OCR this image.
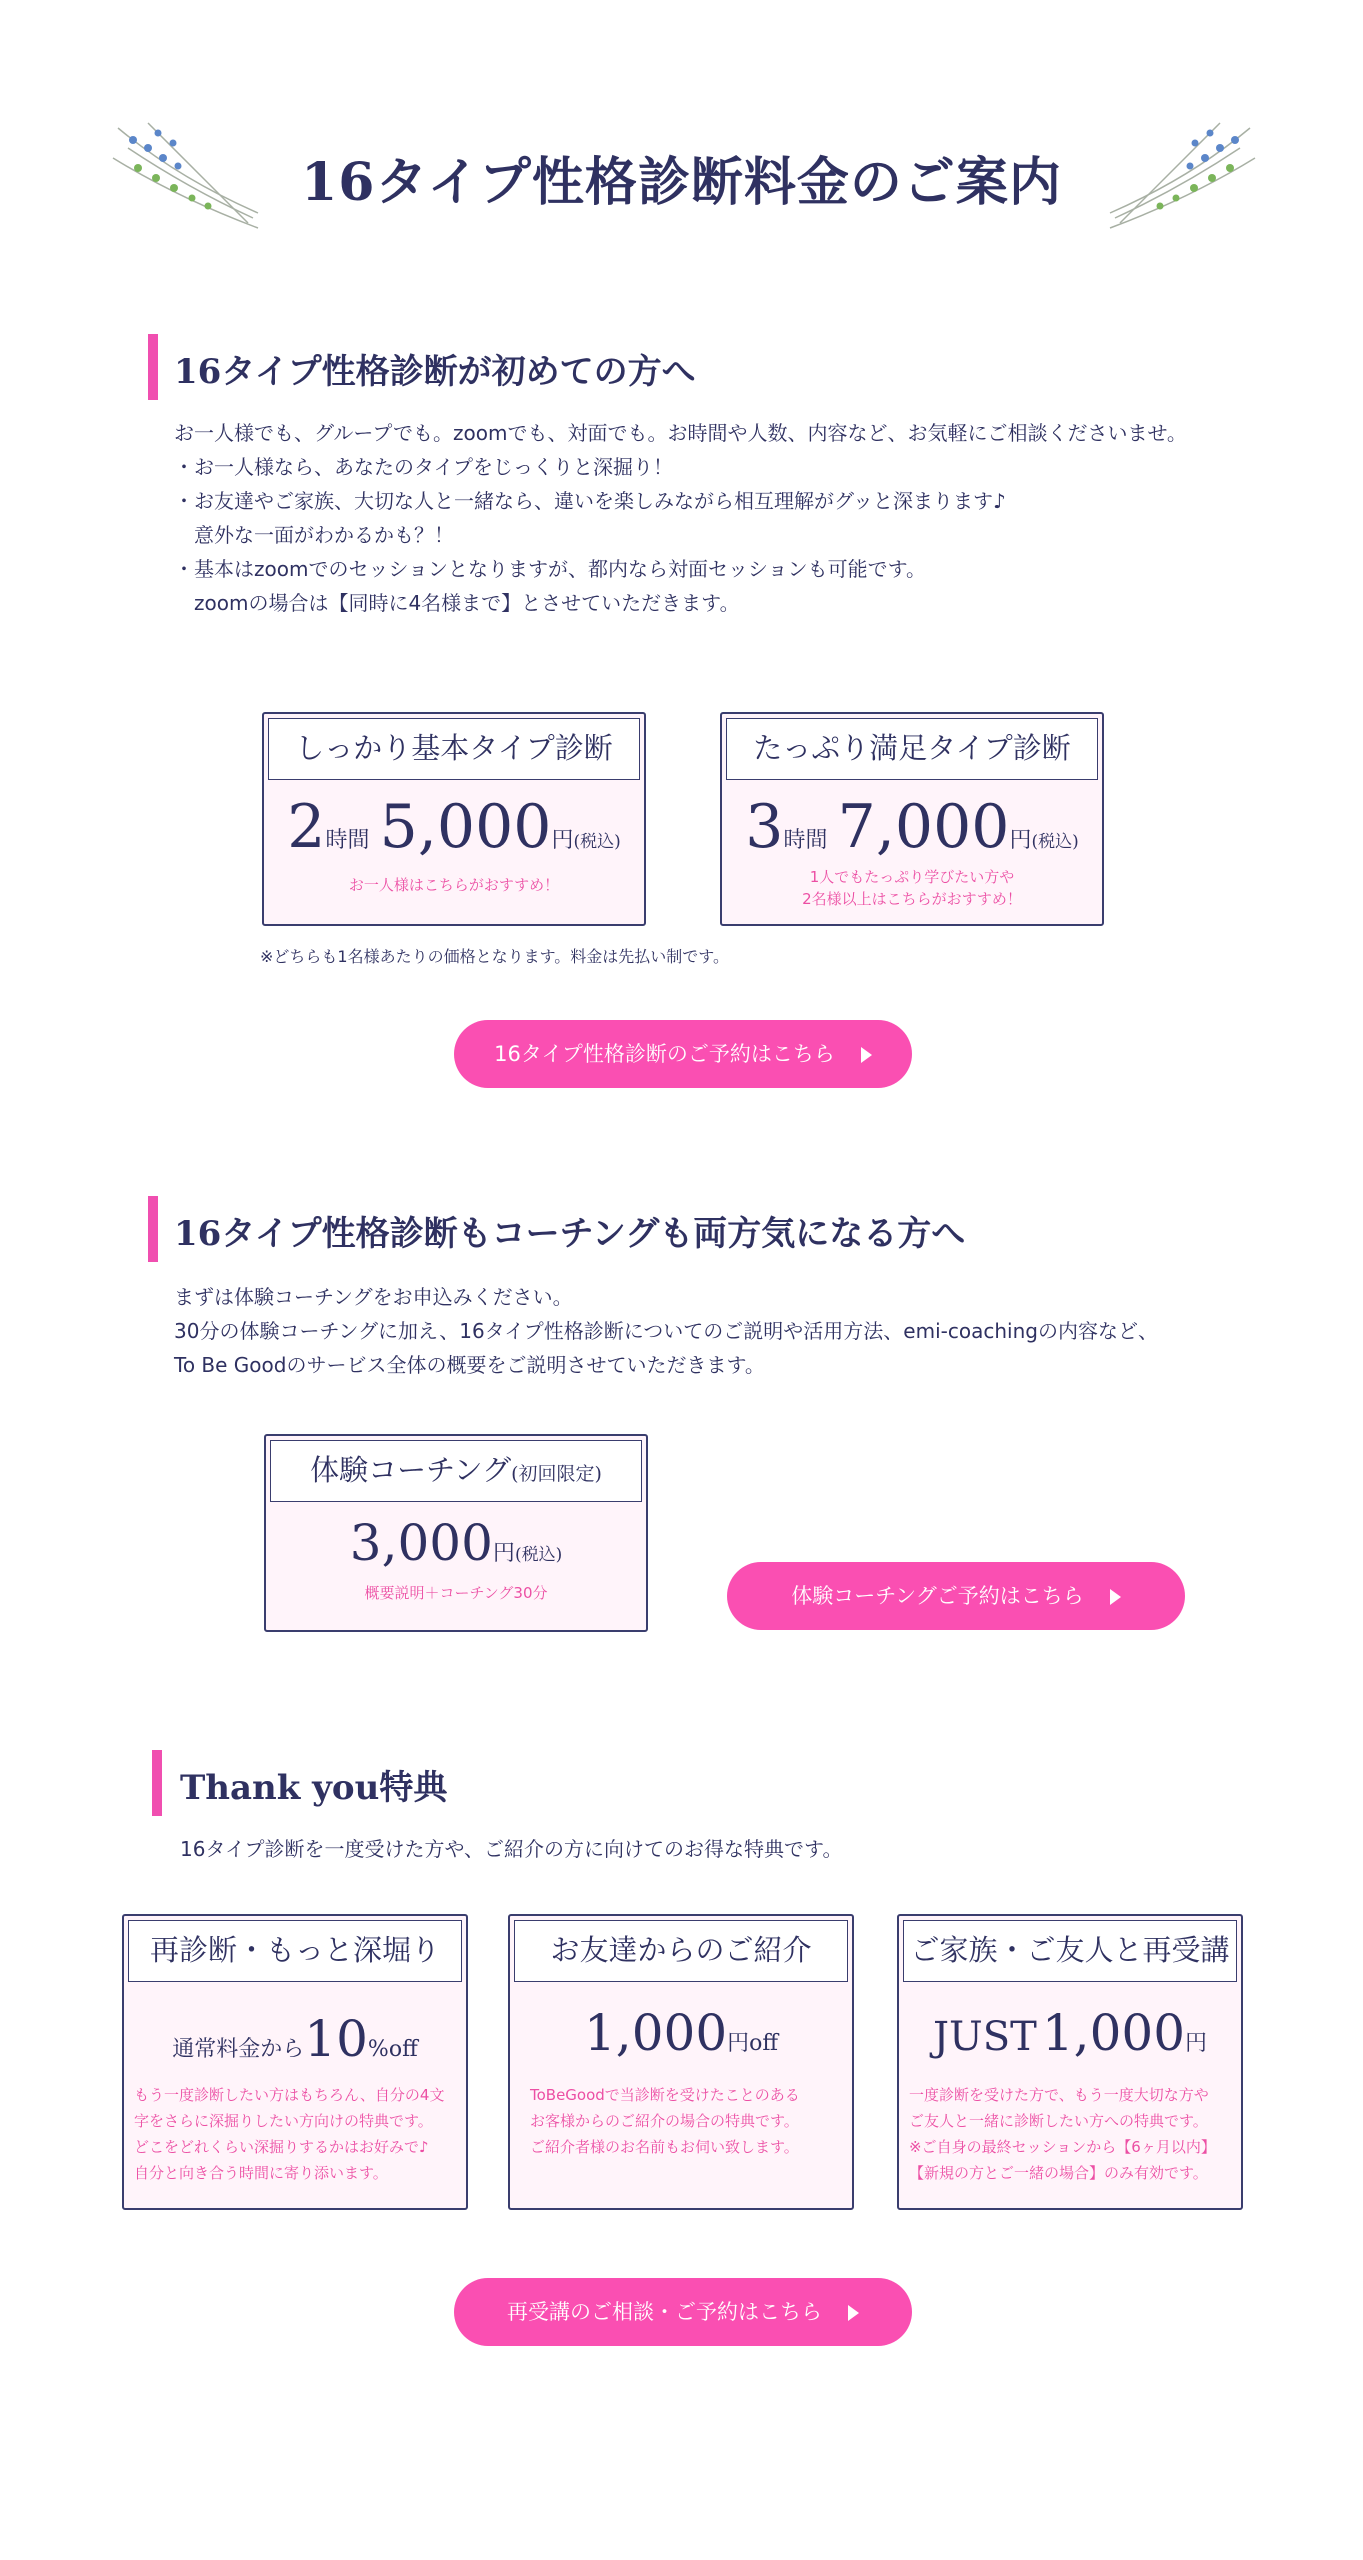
16タイプ性格診断料金のご案内
16タイプ性格診断が初めての方へ
お一人様でも、グループでも。zoomでも、対面でも。お時間や人数、内容など、お気軽にご相談くださいませ。
・お一人様なら、あなたのタイプをじっくりと深掘り！
・お友達やご家族、大切な人と一緒なら、違いを楽しみながら相互理解がグッと深まります♪
　意外な一面がわかるかも？！
・基本はzoomでのセッションとなりますが、都内なら対面セッションも可能です。
　zoomの場合は【同時に4名様まで】とさせていただきます。
しっかり基本タイプ診断
2時間 5,000円(税込)
お一人様はこちらがおすすめ！
たっぷり満足タイプ診断
3時間 7,000円(税込)
1人でもたっぷり学びたい方や
2名様以上はこちらがおすすめ！
※どちらも1名様あたりの価格となります。料金は先払い制です。
16タイプ性格診断のご予約はこちら
16タイプ性格診断もコーチングも両方気になる方へ
まずは体験コーチングをお申込みください。
30分の体験コーチングに加え、16タイプ性格診断についてのご説明や活用方法、emi-coachingの内容など、
To Be Goodのサービス全体の概要をご説明させていただきます。
体験コーチング(初回限定)
3,000円(税込)
概要説明＋コーチング30分	体験コーチングご予約はこちら
Thank you特典
16タイプ診断を一度受けた方や、ご紹介の方に向けてのお得な特典です。
再診断・もっと深堀り
通常料金から10%off
もう一度診断したい方はもちろん、自分の4文
字をさらに深掘りしたい方向けの特典です。
どこをどれくらい深掘りするかはお好みで♪
自分と向き合う時間に寄り添います。
お友達からのご紹介
1,000円off
ToBeGoodで当診断を受けたことのある
お客様からのご紹介の場合の特典です。
ご紹介者様のお名前もお伺い致します。
ご家族・ご友人と再受講
JUST 1,000円
一度診断を受けた方で、もう一度大切な方や
ご友人と一緒に診断したい方への特典です。
※ご自身の最終セッションから【6ヶ月以内】
【新規の方とご一緒の場合】のみ有効です。
再受講のご相談・ご予約はこちら
